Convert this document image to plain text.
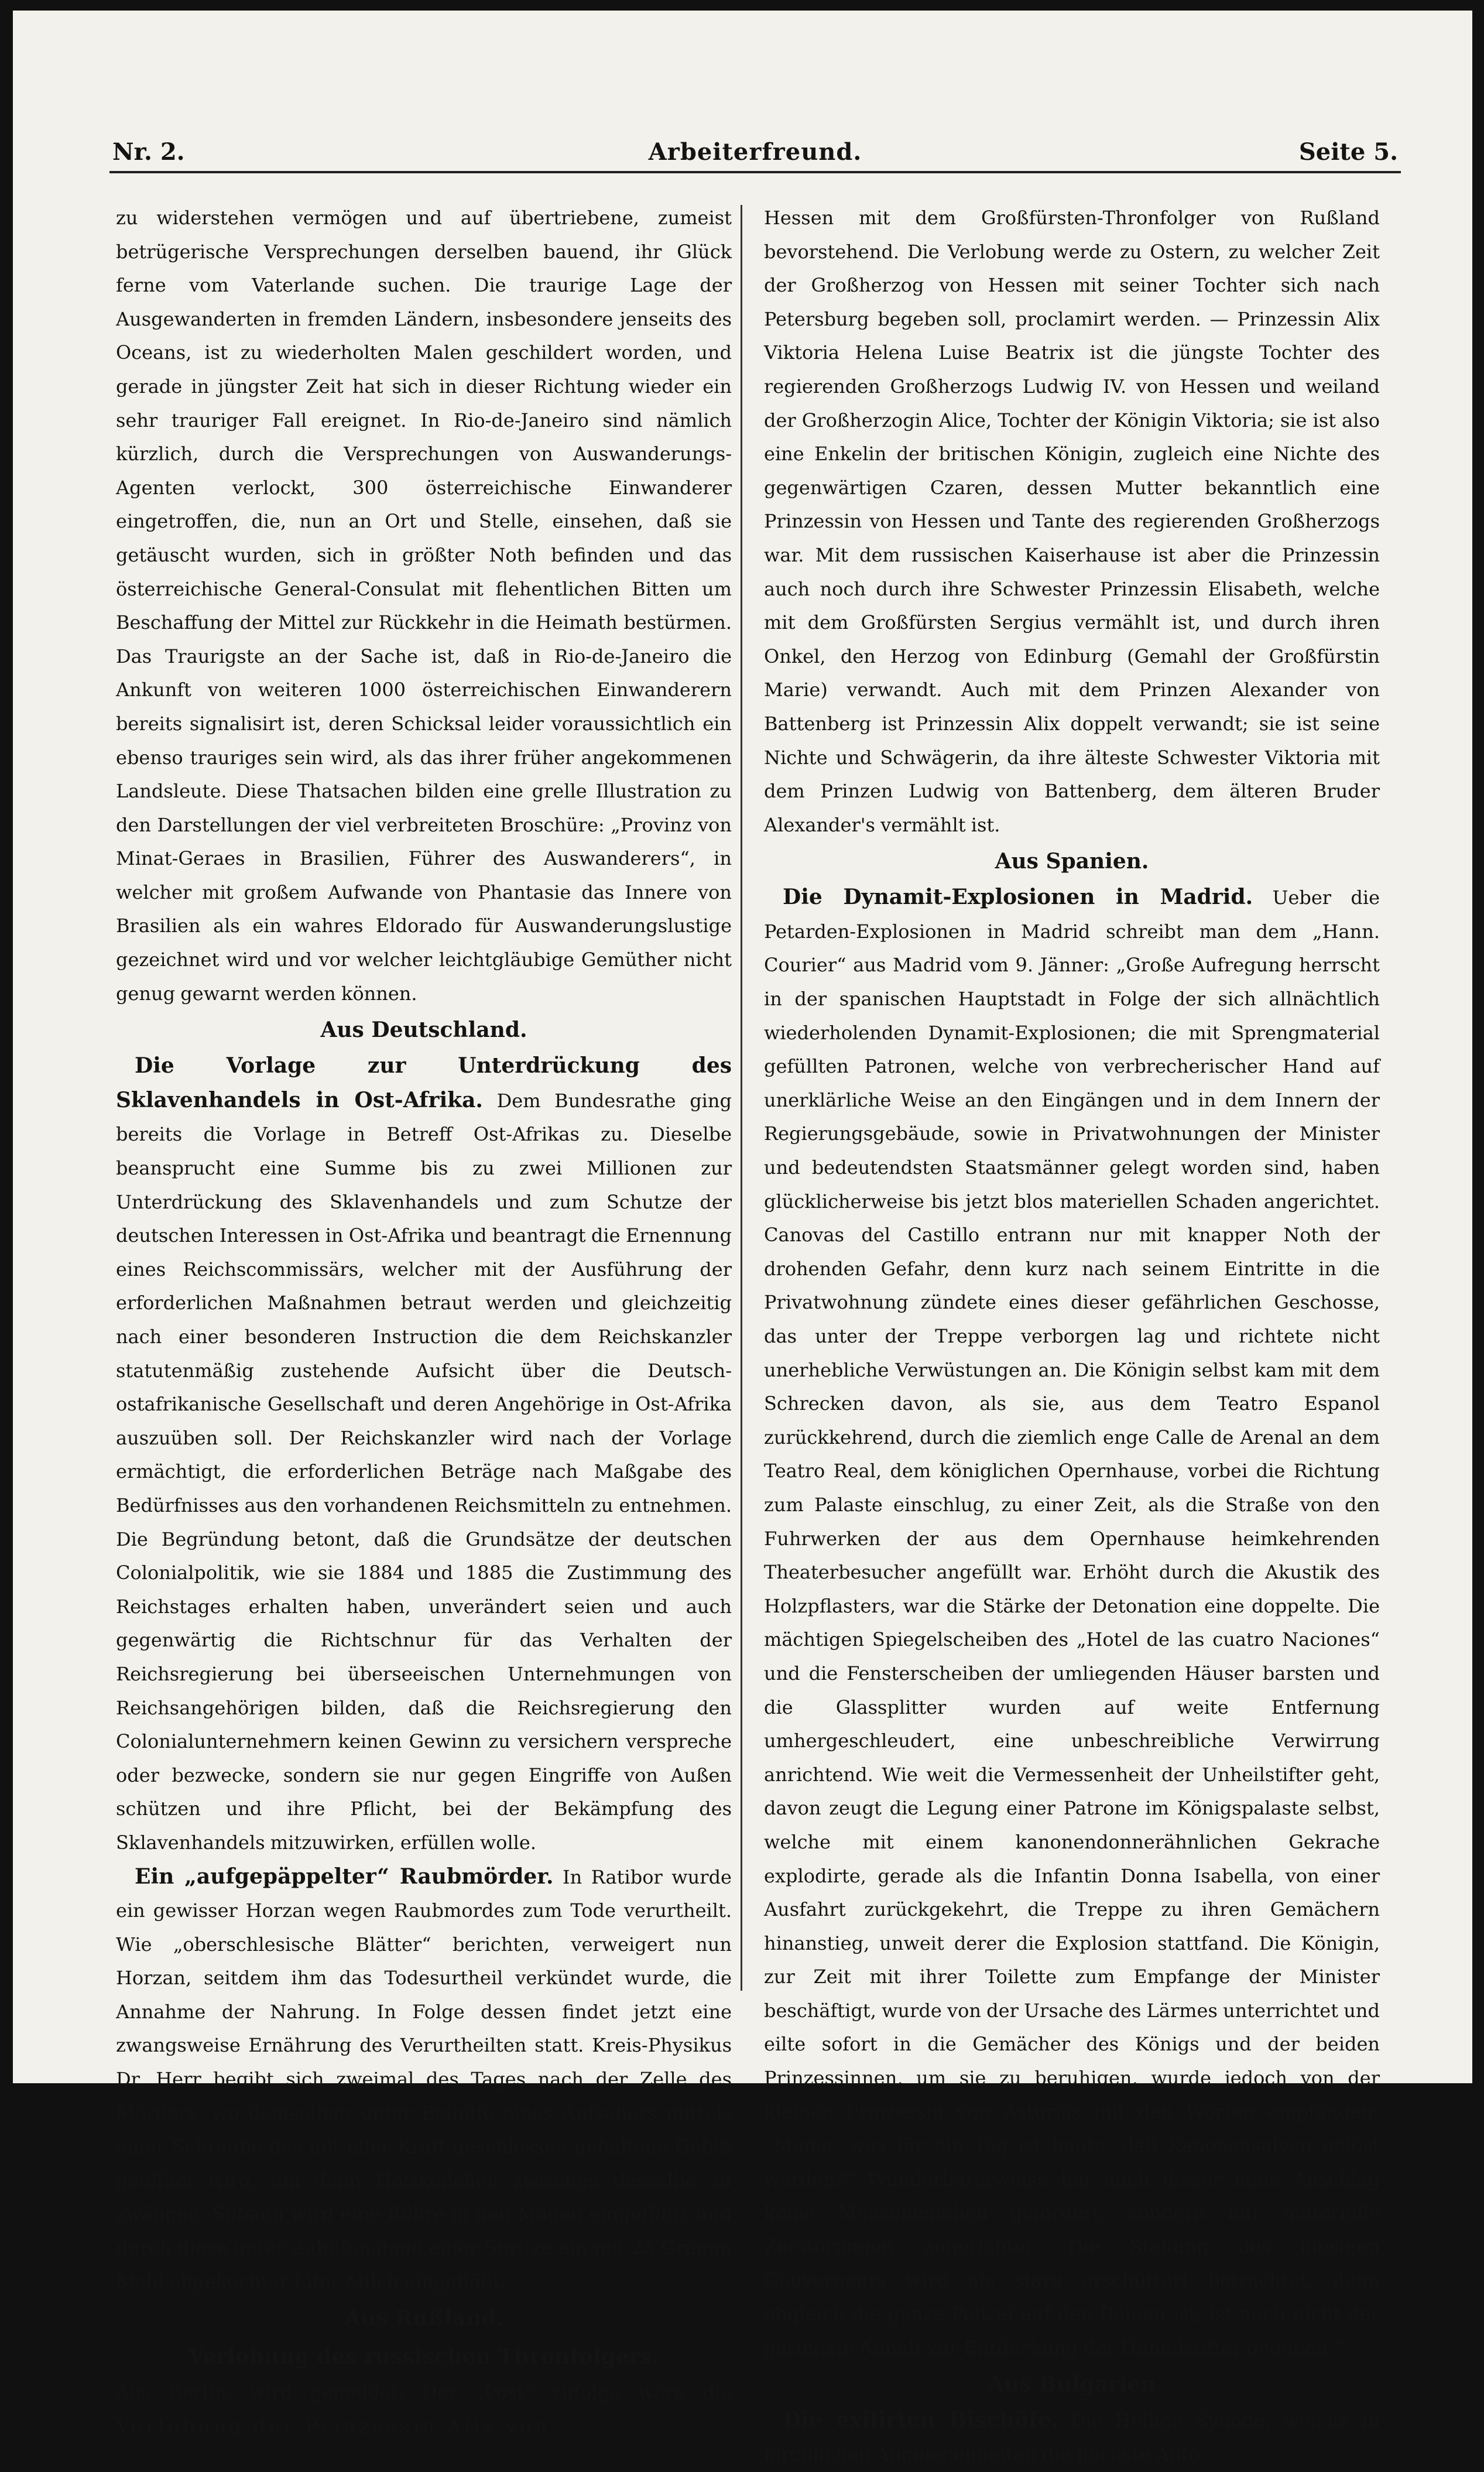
Nr. 2.	Arbeiterfreund.	Seite 5.

zu widerstehen vermögen und auf übertriebene, zumeist betrügerische Versprechungen derselben bauend, ihr Glück ferne vom Vaterlande suchen. Die traurige Lage der Ausgewanderten in fremden Ländern, insbesondere jenseits des Oceans, ist zu wiederholten Malen geschildert worden, und gerade in jüngster Zeit hat sich in dieser Richtung wieder ein sehr trauriger Fall ereignet. In Rio-de-Janeiro sind nämlich kürzlich, durch die Versprechungen von Auswanderungs-Agenten verlockt, 300 österreichische Einwanderer eingetroffen, die, nun an Ort und Stelle, einsehen, daß sie getäuscht wurden, sich in größter Noth befinden und das österreichische General-Consulat mit flehentlichen Bitten um Beschaffung der Mittel zur Rückkehr in die Heimath bestürmen. Das Traurigste an der Sache ist, daß in Rio-de-Janeiro die Ankunft von weiteren 1000 österreichischen Einwanderern bereits signalisirt ist, deren Schicksal leider voraussichtlich ein ebenso trauriges sein wird, als das ihrer früher angekommenen Landsleute. Diese Thatsachen bilden eine grelle Illustration zu den Darstellungen der viel verbreiteten Broschüre: „Provinz von Minat-Geraes in Brasilien, Führer des Auswanderers“, in welcher mit großem Aufwande von Phantasie das Innere von Brasilien als ein wahres Eldorado für Auswanderungslustige gezeichnet wird und vor welcher leichtgläubige Gemüther nicht genug gewarnt werden können.

Aus Deutschland.

Die Vorlage zur Unterdrückung des Sklavenhandels in Ost-Afrika. Dem Bundesrathe ging bereits die Vorlage in Betreff Ost-Afrikas zu. Dieselbe beansprucht eine Summe bis zu zwei Millionen zur Unterdrückung des Sklavenhandels und zum Schutze der deutschen Interessen in Ost-Afrika und beantragt die Ernennung eines Reichscommissärs, welcher mit der Ausführung der erforderlichen Maßnahmen betraut werden und gleichzeitig nach einer besonderen Instruction die dem Reichskanzler statutenmäßig zustehende Aufsicht über die Deutsch-ostafrikanische Gesellschaft und deren Angehörige in Ost-Afrika auszuüben soll. Der Reichskanzler wird nach der Vorlage ermächtigt, die erforderlichen Beträge nach Maßgabe des Bedürfnisses aus den vorhandenen Reichsmitteln zu entnehmen. Die Begründung betont, daß die Grundsätze der deutschen Colonialpolitik, wie sie 1884 und 1885 die Zustimmung des Reichstages erhalten haben, unverändert seien und auch gegenwärtig die Richtschnur für das Verhalten der Reichsregierung bei überseeischen Unternehmungen von Reichsangehörigen bilden, daß die Reichsregierung den Colonialunternehmern keinen Gewinn zu versichern verspreche oder bezwecke, sondern sie nur gegen Eingriffe von Außen schützen und ihre Pflicht, bei der Bekämpfung des Sklavenhandels mitzuwirken, erfüllen wolle.

Ein „aufgepäppelter“ Raubmörder. In Ratibor wurde ein gewisser Horzan wegen Raubmordes zum Tode verurtheilt. Wie „oberschlesische Blätter“ berichten, verweigert nun Horzan, seitdem ihm das Todesurtheil verkündet wurde, die Annahme der Nahrung. In Folge dessen findet jetzt eine zwangsweise Ernährung des Verurtheilten statt. Kreis-Physikus Dr. Herr begibt sich zweimal des Tages nach der Zelle des Mörders, wo demselben unter Beihilfe eines Aufsehers mittels einer Schraube das mit aller Kraft geschlossen gehaltene Gebiß geöffnet wird, um dann Holzkeilchen zwischen dasselbe zu zwängen. Sobann wird eine Röhre in den Magen eingeführt und durch diese unter Zuhilfenahme einer Spritze ein mit 25 Gramm Mehl abgekochter Liter Milch eingeflößt.

Aus Rußland.

Verlobung des russischen Thronfolgers.

Aus Berlin, wird gemeldet: Der „Post“ zufolge wäre die Verlobung der Prinzessin Alix von

Hessen mit dem Großfürsten-Thronfolger von Rußland bevorstehend. Die Verlobung werde zu Ostern, zu welcher Zeit der Großherzog von Hessen mit seiner Tochter sich nach Petersburg begeben soll, proclamirt werden. — Prinzessin Alix Viktoria Helena Luise Beatrix ist die jüngste Tochter des regierenden Großherzogs Ludwig IV. von Hessen und weiland der Großherzogin Alice, Tochter der Königin Viktoria; sie ist also eine Enkelin der britischen Königin, zugleich eine Nichte des gegenwärtigen Czaren, dessen Mutter bekanntlich eine Prinzessin von Hessen und Tante des regierenden Großherzogs war. Mit dem russischen Kaiserhause ist aber die Prinzessin auch noch durch ihre Schwester Prinzessin Elisabeth, welche mit dem Großfürsten Sergius vermählt ist, und durch ihren Onkel, den Herzog von Edinburg (Gemahl der Großfürstin Marie) verwandt. Auch mit dem Prinzen Alexander von Battenberg ist Prinzessin Alix doppelt verwandt; sie ist seine Nichte und Schwägerin, da ihre älteste Schwester Viktoria mit dem Prinzen Ludwig von Battenberg, dem älteren Bruder Alexander's vermählt ist.

Aus Spanien.

Die Dynamit-Explosionen in Madrid. Ueber die Petarden-Explosionen in Madrid schreibt man dem „Hann. Courier“ aus Madrid vom 9. Jänner: „Große Aufregung herrscht in der spanischen Hauptstadt in Folge der sich allnächtlich wiederholenden Dynamit-Explosionen; die mit Sprengmaterial gefüllten Patronen, welche von verbrecherischer Hand auf unerklärliche Weise an den Eingängen und in dem Innern der Regierungsgebäude, sowie in Privatwohnungen der Minister und bedeutendsten Staatsmänner gelegt worden sind, haben glücklicherweise bis jetzt blos materiellen Schaden angerichtet. Canovas del Castillo entrann nur mit knapper Noth der drohenden Gefahr, denn kurz nach seinem Eintritte in die Privatwohnung zündete eines dieser gefährlichen Geschosse, das unter der Treppe verborgen lag und richtete nicht unerhebliche Verwüstungen an. Die Königin selbst kam mit dem Schrecken davon, als sie, aus dem Teatro Espanol zurückkehrend, durch die ziemlich enge Calle de Arenal an dem Teatro Real, dem königlichen Opernhause, vorbei die Richtung zum Palaste einschlug, zu einer Zeit, als die Straße von den Fuhrwerken der aus dem Opernhause heimkehrenden Theaterbesucher angefüllt war. Erhöht durch die Akustik des Holzpflasters, war die Stärke der Detonation eine doppelte. Die mächtigen Spiegelscheiben des „Hotel de las cuatro Naciones“ und die Fensterscheiben der umliegenden Häuser barsten und die Glassplitter wurden auf weite Entfernung umhergeschleudert, eine unbeschreibliche Verwirrung anrichtend. Wie weit die Vermessenheit der Unheilstifter geht, davon zeugt die Legung einer Patrone im Königspalaste selbst, welche mit einem kanonendonnerähnlichen Gekrache explodirte, gerade als die Infantin Donna Isabella, von einer Ausfahrt zurückgekehrt, die Treppe zu ihren Gemächern hinanstieg, unweit derer die Explosion stattfand. Die Königin, zur Zeit mit ihrer Toilette zum Empfange der Minister beschäftigt, wurde von der Ursache des Lärmes unterrichtet und eilte sofort in die Gemächer des Königs und der beiden Prinzessinnen, um sie zu beruhigen, wurde jedoch von der kleinen Prinzessin von Asturias mit den Worten empfangen: „Mama, was für ein Tag ist heute, daß Kanonensalven gelöst werden?“ Wunderbarerweise hat auch dieser neue Anschlag keine Menschenleben gefordert, sondern nur materielle Zerstörungen angerichtet. Die Stellung des hiesigen Gouverneurs wird als stark erschüttert betrachtet, denn obgleich die ganze Polizei auf den Beinen ist, ist noch nicht der geringste Anhalt zur Entdeckung der Unheilstifter gegeben.“

Aus Bulgarien

Die exilirten Bischöfe. Die Heilige Synode, welche in kirchlichen Angelegenheiten die höchste Auto
